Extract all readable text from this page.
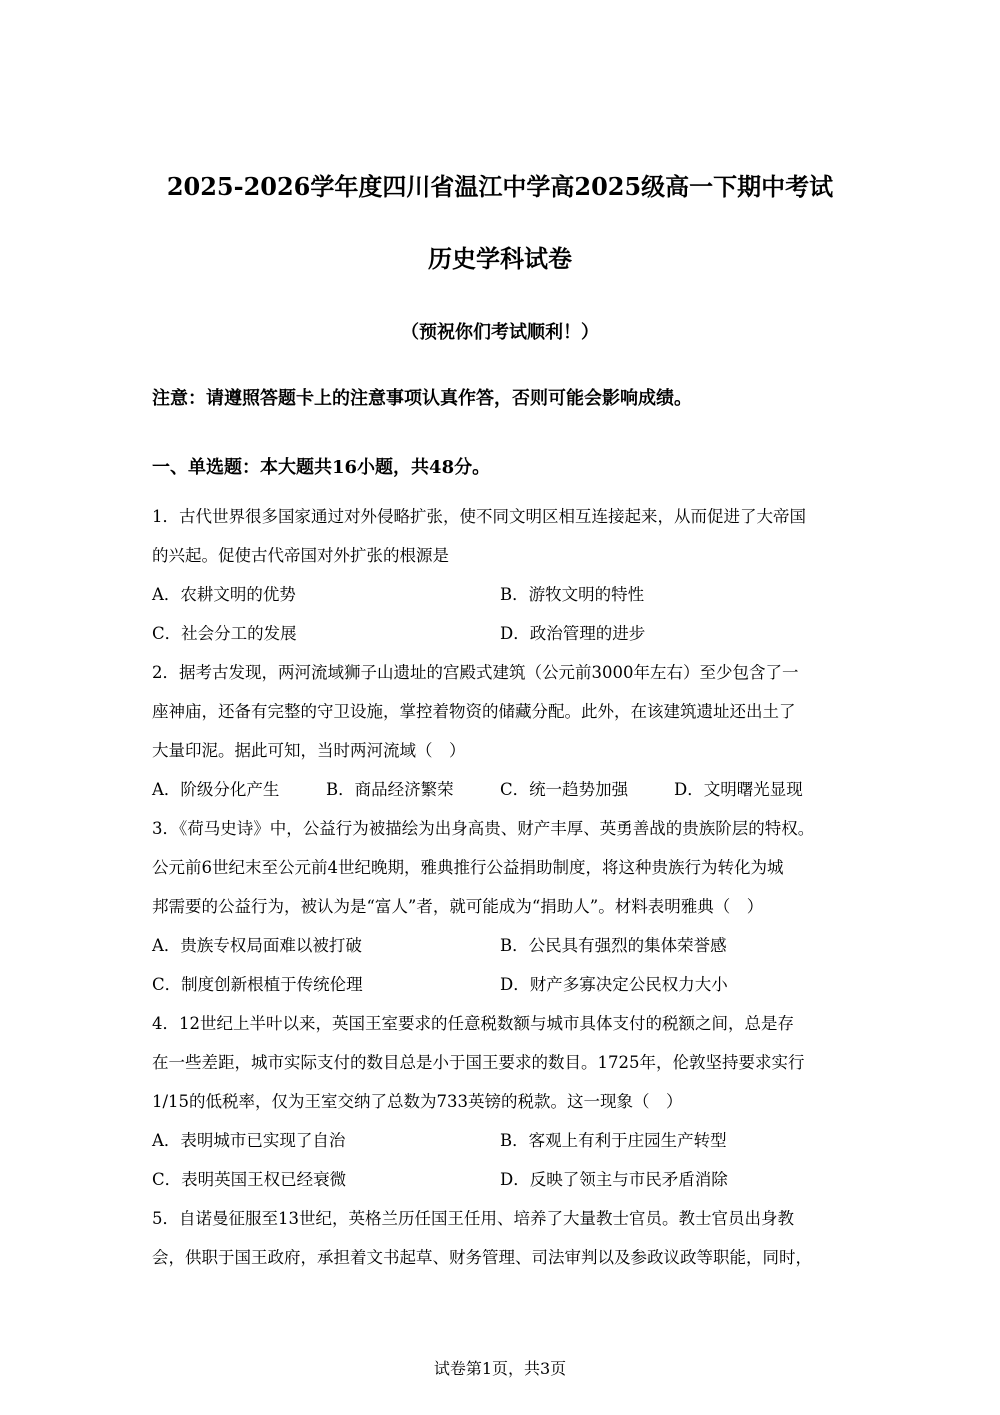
2025-2026学年度四川省温江中学高2025级高一下期中考试
历史学科试卷
（预祝你们考试顺利！）
注意：请遵照答题卡上的注意事项认真作答，否则可能会影响成绩。
一、单选题：本大题共16小题，共48分。
1．古代世界很多国家通过对外侵略扩张，使不同文明区相互连接起来，从而促进了大帝国
的兴起。促使古代帝国对外扩张的根源是
A．农耕文明的优势	B．游牧文明的特性
C．社会分工的发展	D．政治管理的进步
2．据考古发现，两河流域狮子山遗址的宫殿式建筑（公元前3000年左右）至少包含了一
座神庙，还备有完整的守卫设施，掌控着物资的储藏分配。此外，在该建筑遗址还出土了
大量印泥。据此可知，当时两河流域（　）
A．阶级分化产生	B．商品经济繁荣	C．统一趋势加强	D．文明曙光显现
3．《荷马史诗》中，公益行为被描绘为出身高贵、财产丰厚、英勇善战的贵族阶层的特权。
公元前6世纪末至公元前4世纪晚期，雅典推行公益捐助制度，将这种贵族行为转化为城
邦需要的公益行为，被认为是“富人”者，就可能成为“捐助人”。材料表明雅典（　）
A．贵族专权局面难以被打破	B．公民具有强烈的集体荣誉感
C．制度创新根植于传统伦理	D．财产多寡决定公民权力大小
4．12世纪上半叶以来，英国王室要求的任意税数额与城市具体支付的税额之间，总是存
在一些差距，城市实际支付的数目总是小于国王要求的数目。1725年，伦敦坚持要求实行
1/15的低税率，仅为王室交纳了总数为733英镑的税款。这一现象（　）
A．表明城市已实现了自治	B．客观上有利于庄园生产转型
C．表明英国王权已经衰微	D．反映了领主与市民矛盾消除
5．自诺曼征服至13世纪，英格兰历任国王任用、培养了大量教士官员。教士官员出身教
会，供职于国王政府，承担着文书起草、财务管理、司法审判以及参政议政等职能，同时，
试卷第1页，共3页
